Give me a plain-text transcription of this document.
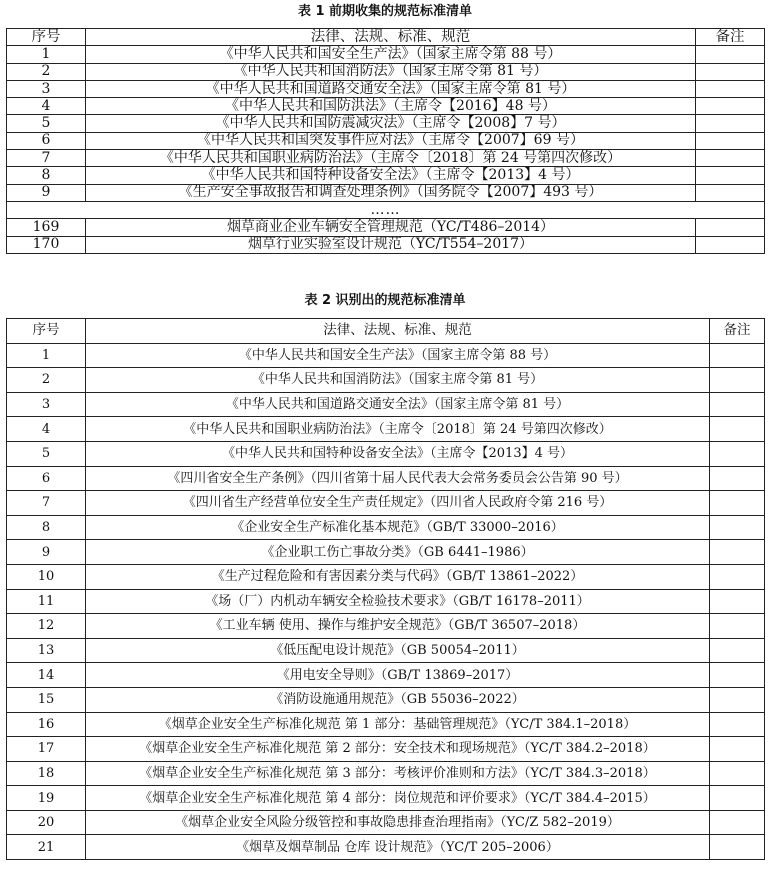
表 1 前期收集的规范标准清单
序号	法律、法规、标准、规范	备注
1	《中华人民共和国安全生产法》（国家主席令第 88 号）	
2	《中华人民共和国消防法》（国家主席令第 81 号）	
3	《中华人民共和国道路交通安全法》（国家主席令第 81 号）	
4	《中华人民共和国防洪法》（主席令【2016】48 号）	
5	《中华人民共和国防震减灾法》（主席令【2008】7 号）	
6	《中华人民共和国突发事件应对法》（主席令【2007】69 号）	
7	《中华人民共和国职业病防治法》（主席令〔2018〕第 24 号第四次修改）	
8	《中华人民共和国特种设备安全法》（主席令【2013】4 号）	
9	《生产安全事故报告和调查处理条例》（国务院令【2007】493 号）	
……		
169	烟草商业企业车辆安全管理规范（YC/T486–2014）	
170	烟草行业实验室设计规范（YC/T554–2017）	
表 2 识别出的规范标准清单
序号	法律、法规、标准、规范	备注
1	《中华人民共和国安全生产法》（国家主席令第 88 号）	
2	《中华人民共和国消防法》（国家主席令第 81 号）	
3	《中华人民共和国道路交通安全法》（国家主席令第 81 号）	
4	《中华人民共和国职业病防治法》（主席令〔2018〕第 24 号第四次修改）	
5	《中华人民共和国特种设备安全法》（主席令【2013】4 号）	
6	《四川省安全生产条例》（四川省第十届人民代表大会常务委员会公告第 90 号）	
7	《四川省生产经营单位安全生产责任规定》（四川省人民政府令第 216 号）	
8	《企业安全生产标准化基本规范》（GB/T 33000–2016）	
9	《企业职工伤亡事故分类》（GB 6441–1986）	
10	《生产过程危险和有害因素分类与代码》（GB/T 13861–2022）	
11	《场（厂）内机动车辆安全检验技术要求》（GB/T 16178–2011）	
12	《工业车辆 使用、操作与维护安全规范》（GB/T 36507–2018）	
13	《低压配电设计规范》（GB 50054–2011）	
14	《用电安全导则》（GB/T 13869–2017）	
15	《消防设施通用规范》（GB 55036–2022）	
16	《烟草企业安全生产标准化规范 第 1 部分：基础管理规范》（YC/T 384.1–2018）	
17	《烟草企业安全生产标准化规范 第 2 部分：安全技术和现场规范》（YC/T 384.2–2018）	
18	《烟草企业安全生产标准化规范 第 3 部分：考核评价准则和方法》（YC/T 384.3–2018）	
19	《烟草企业安全生产标准化规范 第 4 部分：岗位规范和评价要求》（YC/T 384.4–2015）	
20	《烟草企业安全风险分级管控和事故隐患排查治理指南》（YC/Z 582–2019）	
21	《烟草及烟草制品 仓库 设计规范》（YC/T 205–2006）	
